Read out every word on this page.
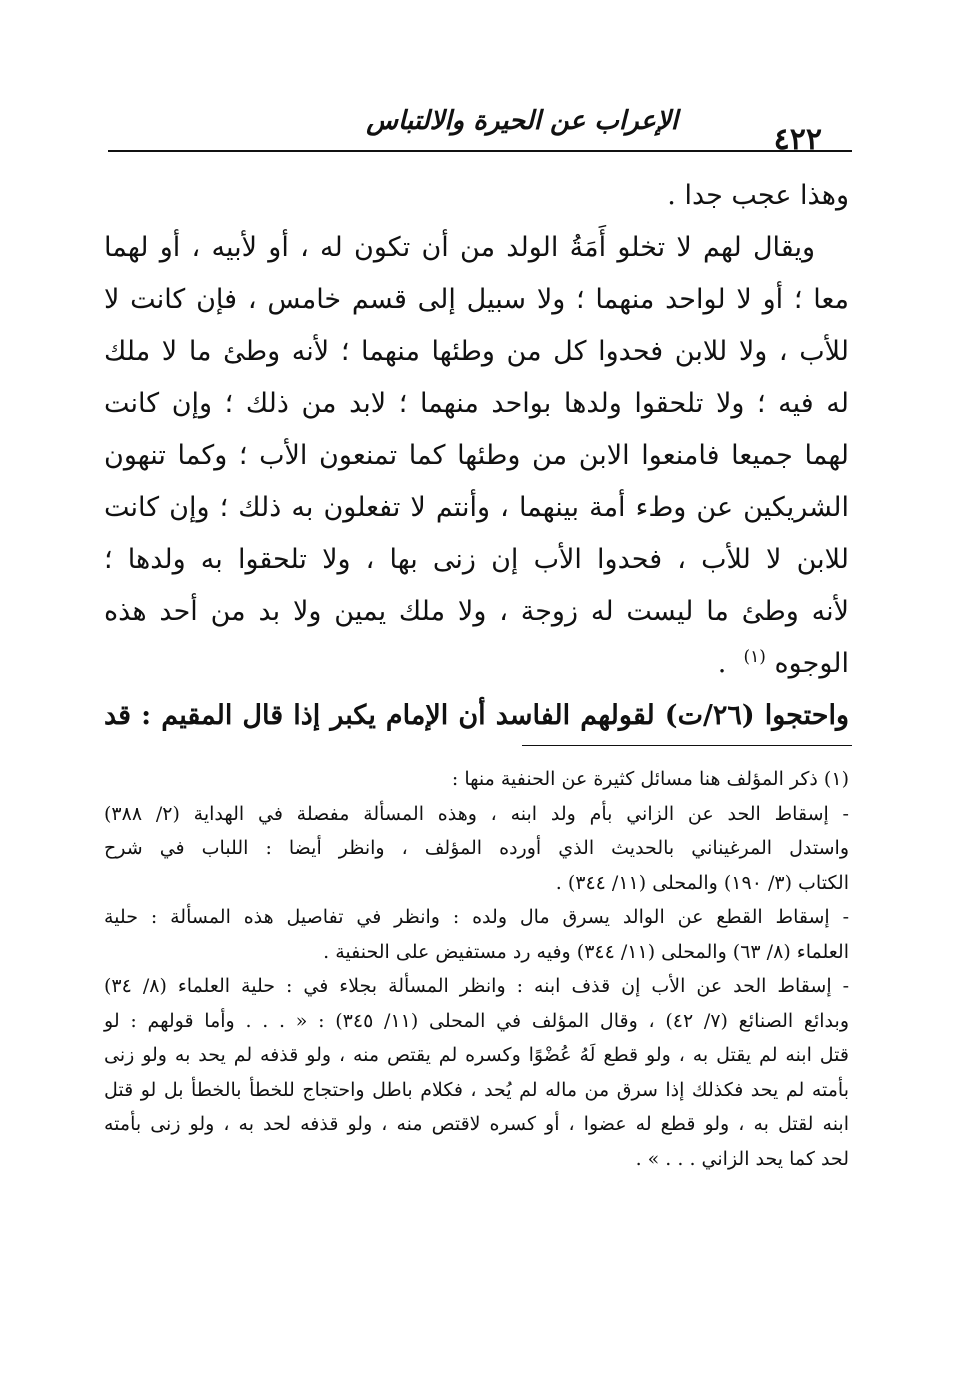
الإعراب عن الحيرة والالتباس
٤٢٢
وهذا عجب جدا .
ويقال لهم لا تخلو أَمَةُ الولد من أن تكون له ، أو لأبيه ، أو لهما
معا ؛ أو لا لواحد منهما ؛ ولا سبيل إلى قسم خامس ، فإن كانت لا
للأب ، ولا للابن فحدوا كل من وطئها منهما ؛ لأنه وطئ ما لا ملك
له فيه ؛ ولا تلحقوا ولدها بواحد منهما ؛ لابد من ذلك ؛ وإن كانت
لهما جميعا فامنعوا الابن من وطئها كما تمنعون الأب ؛ وكما تنهون
الشريكين عن وطء أمة بينهما ، وأنتم لا تفعلون به ذلك ؛ وإن كانت
للابن لا للأب ، فحدوا الأب إن زنى بها ، ولا تلحقوا به ولدها ؛
لأنه وطئ ما ليست له زوجة ، ولا ملك يمين ولا بد من أحد هذه
الوجوه $^{(١)}$  .
واحتجوا (٢٦/ت) لقولهم الفاسد أن الإمام يكبر إذا قال المقيم : قد
(١) ذكر المؤلف هنا مسائل كثيرة عن الحنفية منها :
- إسقاط الحد عن الزاني بأم ولد ابنه ، وهذه المسألة مفصلة في الهداية (٢/ ٣٨٨)
واستدل المرغيناني بالحديث الذي أورده المؤلف ، وانظر أيضا : اللباب في شرح
الكتاب (٣/ ١٩٠) والمحلى (١١/ ٣٤٤) .
- إسقاط القطع عن الوالد يسرق مال ولده : وانظر في تفاصيل هذه المسألة : حلية
العلماء (٨/ ٦٣) والمحلى (١١/ ٣٤٤) وفيه رد مستفيض على الحنفية .
- إسقاط الحد عن الأب إن قذف ابنه : وانظر المسألة بجلاء في : حلية العلماء (٨/ ٣٤)
وبدائع الصنائع (٧/ ٤٢) ، وقال المؤلف في المحلى (١١/ ٣٤٥) : « . . . وأما قولهم : لو
قتل ابنه لم يقتل به ، ولو قطع لَهُ عُضْوًا وكسره لم يقتص منه ، ولو قذفه لم يحد به ولو زنى
بأمته لم يحد فكذلك إذا سرق من ماله لم يُحد ، فكلام باطل واحتجاج للخطأ بالخطأ بل لو قتل
ابنه لقتل به ، ولو قطع له عضوا ، أو كسره لاقتص منه ، ولو قذفه لحد به ، ولو زنى بأمته
لحد كما يحد الزاني . . . » .
